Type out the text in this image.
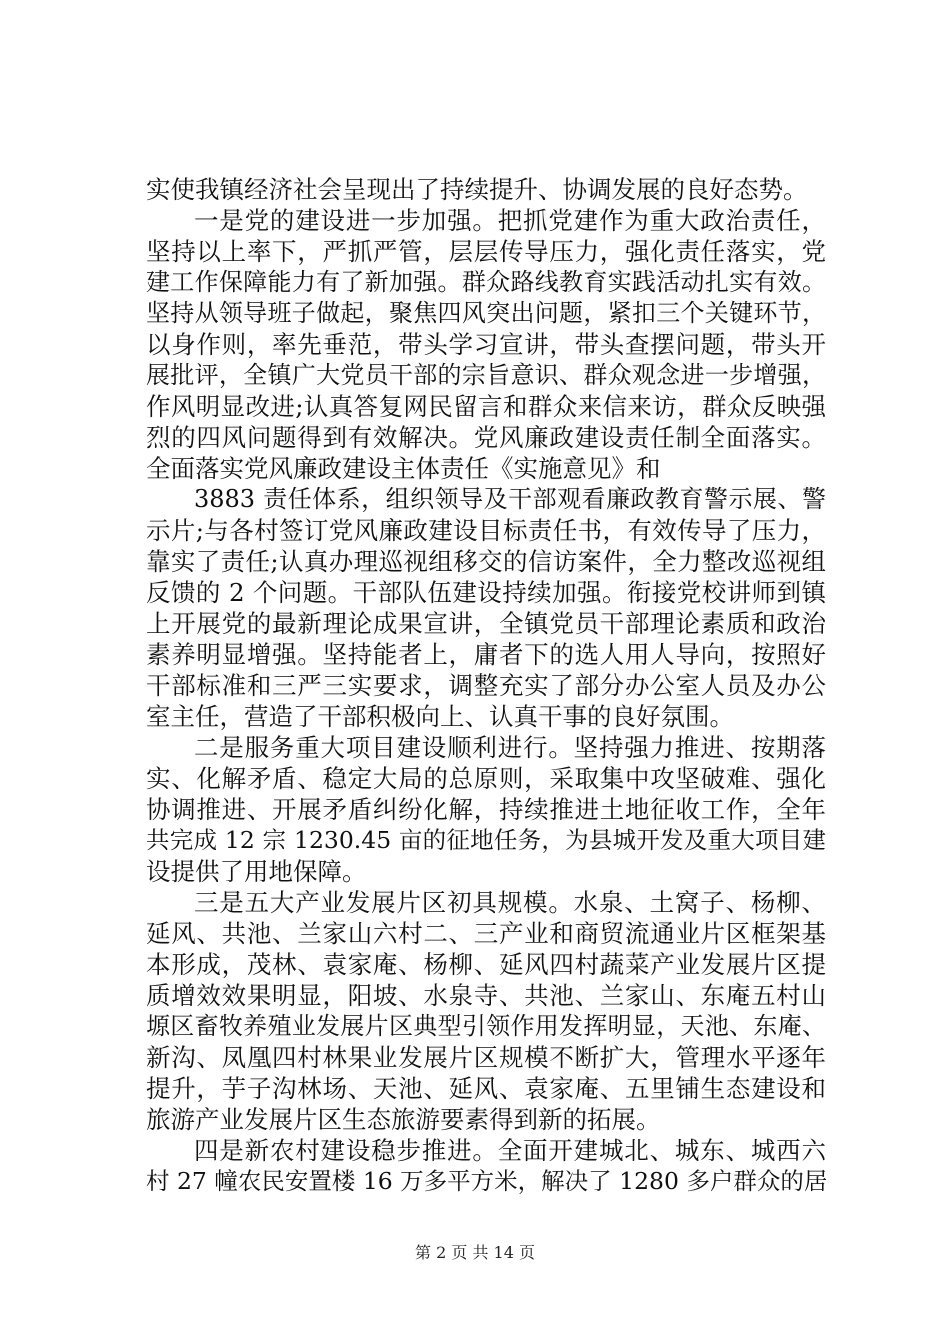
实使我镇经济社会呈现出了持续提升、协调发展的良好态势。
一是党的建设进一步加强。把抓党建作为重大政治责任，
坚持以上率下，严抓严管，层层传导压力，强化责任落实，党
建工作保障能力有了新加强。群众路线教育实践活动扎实有效。
坚持从领导班子做起，聚焦四风突出问题，紧扣三个关键环节，
以身作则，率先垂范，带头学习宣讲，带头查摆问题，带头开
展批评，全镇广大党员干部的宗旨意识、群众观念进一步增强，
作风明显改进;认真答复网民留言和群众来信来访，群众反映强
烈的四风问题得到有效解决。党风廉政建设责任制全面落实。
全面落实党风廉政建设主体责任《实施意见》和
3883 责任体系，组织领导及干部观看廉政教育警示展、警
示片;与各村签订党风廉政建设目标责任书，有效传导了压力，
靠实了责任;认真办理巡视组移交的信访案件，全力整改巡视组
反馈的 2 个问题。干部队伍建设持续加强。衔接党校讲师到镇
上开展党的最新理论成果宣讲，全镇党员干部理论素质和政治
素养明显增强。坚持能者上，庸者下的选人用人导向，按照好
干部标准和三严三实要求，调整充实了部分办公室人员及办公
室主任，营造了干部积极向上、认真干事的良好氛围。
二是服务重大项目建设顺利进行。坚持强力推进、按期落
实、化解矛盾、稳定大局的总原则，采取集中攻坚破难、强化
协调推进、开展矛盾纠纷化解，持续推进土地征收工作，全年
共完成 12 宗 1230.45 亩的征地任务，为县城开发及重大项目建
设提供了用地保障。
三是五大产业发展片区初具规模。水泉、土窝子、杨柳、
延风、共池、兰家山六村二、三产业和商贸流通业片区框架基
本形成，茂林、袁家庵、杨柳、延风四村蔬菜产业发展片区提
质增效效果明显，阳坡、水泉寺、共池、兰家山、东庵五村山
塬区畜牧养殖业发展片区典型引领作用发挥明显，天池、东庵、
新沟、凤凰四村林果业发展片区规模不断扩大，管理水平逐年
提升，芋子沟林场、天池、延风、袁家庵、五里铺生态建设和
旅游产业发展片区生态旅游要素得到新的拓展。
四是新农村建设稳步推进。全面开建城北、城东、城西六
村 27 幢农民安置楼 16 万多平方米，解决了 1280 多户群众的居
第 2 页 共 14 页
